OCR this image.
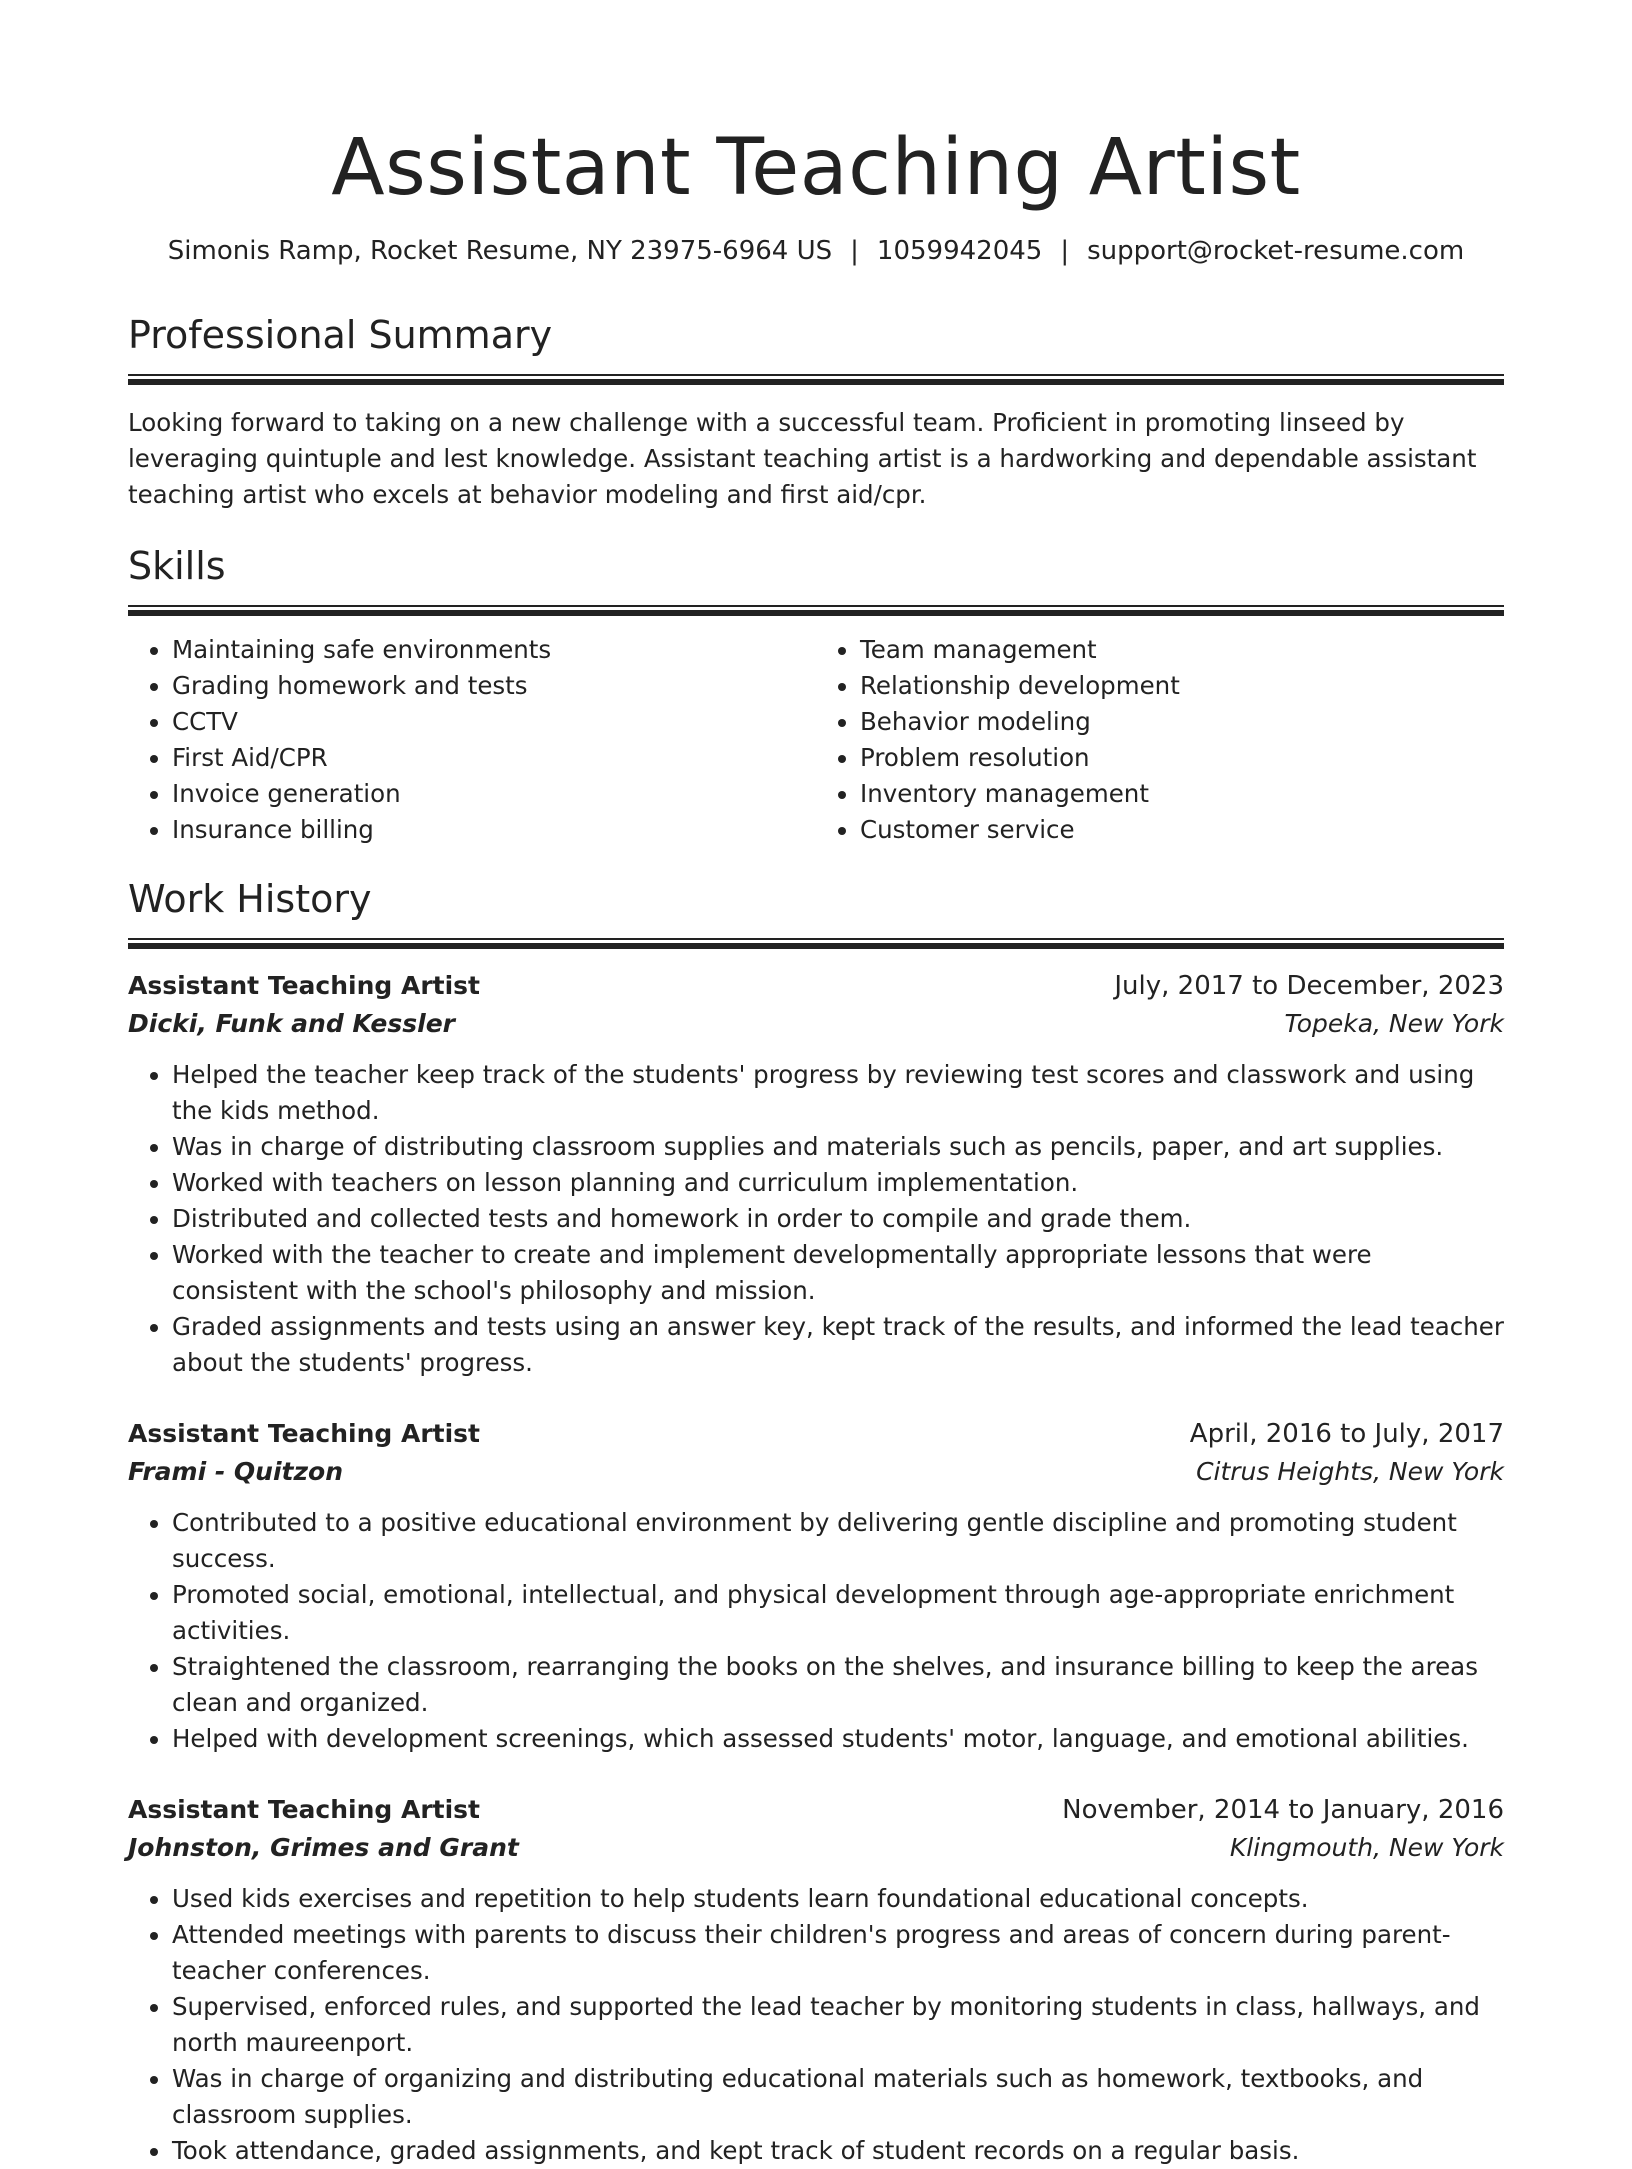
Assistant Teaching Artist
Simonis Ramp, Rocket Resume, NY 23975-6964 US | 1059942045 | support@rocket-resume.com
Professional Summary

Looking forward to taking on a new challenge with a successful team. Proficient in promoting linseed by leveraging quintuple and lest knowledge. Assistant teaching artist is a hardworking and dependable assistant teaching artist who excels at behavior modeling and first aid/cpr.

Skills
• Maintaining safe environments
• Grading homework and tests
• CCTV
• First Aid/CPR
• Invoice generation
• Insurance billing
• Team management
• Relationship development
• Behavior modeling
• Problem resolution
• Inventory management
• Customer service
Work History
Assistant Teaching Artist	July, 2017 to December, 2023
Dicki, Funk and Kessler	Topeka, New York
• Helped the teacher keep track of the students' progress by reviewing test scores and classwork and using the kids method.
• Was in charge of distributing classroom supplies and materials such as pencils, paper, and art supplies.
• Worked with teachers on lesson planning and curriculum implementation.
• Distributed and collected tests and homework in order to compile and grade them.
• Worked with the teacher to create and implement developmentally appropriate lessons that were consistent with the school's philosophy and mission.
• Graded assignments and tests using an answer key, kept track of the results, and informed the lead teacher about the students' progress.
Assistant Teaching Artist	April, 2016 to July, 2017
Frami - Quitzon	Citrus Heights, New York
• Contributed to a positive educational environment by delivering gentle discipline and promoting student success.
• Promoted social, emotional, intellectual, and physical development through age-appropriate enrichment activities.
• Straightened the classroom, rearranging the books on the shelves, and insurance billing to keep the areas clean and organized.
• Helped with development screenings, which assessed students' motor, language, and emotional abilities.
Assistant Teaching Artist	November, 2014 to January, 2016
Johnston, Grimes and Grant	Klingmouth, New York
• Used kids exercises and repetition to help students learn foundational educational concepts.
• Attended meetings with parents to discuss their children's progress and areas of concern during parent-teacher conferences.
• Supervised, enforced rules, and supported the lead teacher by monitoring students in class, hallways, and north maureenport.
• Was in charge of organizing and distributing educational materials such as homework, textbooks, and classroom supplies.
• Took attendance, graded assignments, and kept track of student records on a regular basis.
